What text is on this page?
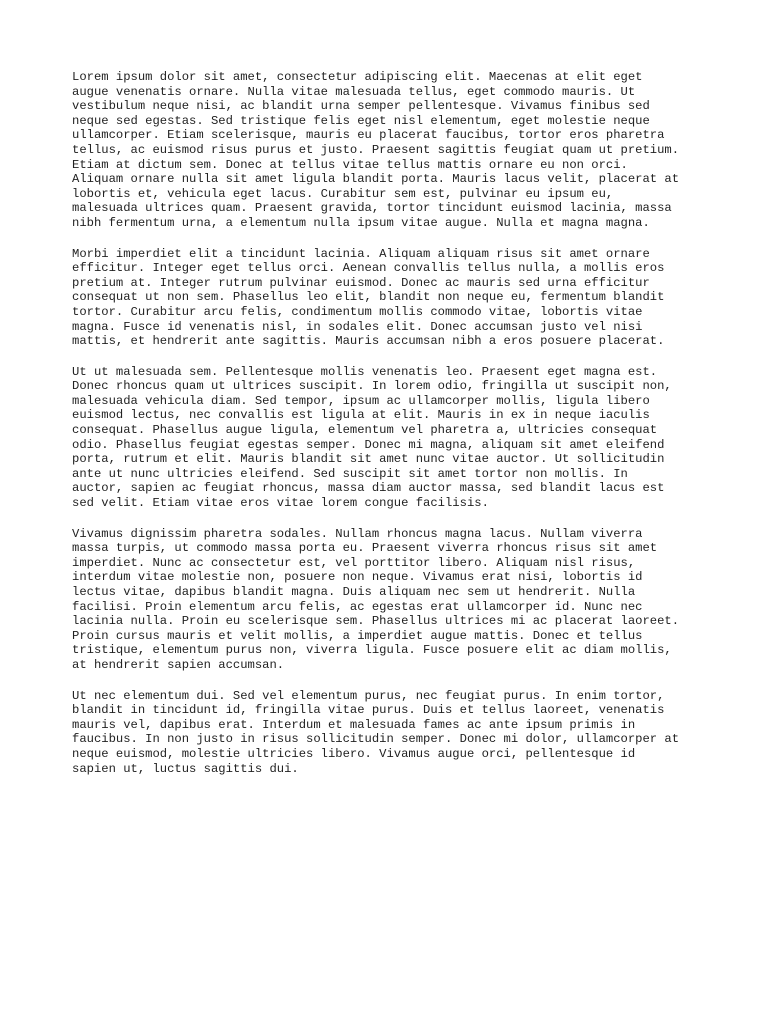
Lorem ipsum dolor sit amet, consectetur adipiscing elit. Maecenas at elit eget
augue venenatis ornare. Nulla vitae malesuada tellus, eget commodo mauris. Ut
vestibulum neque nisi, ac blandit urna semper pellentesque. Vivamus finibus sed
neque sed egestas. Sed tristique felis eget nisl elementum, eget molestie neque
ullamcorper. Etiam scelerisque, mauris eu placerat faucibus, tortor eros pharetra
tellus, ac euismod risus purus et justo. Praesent sagittis feugiat quam ut pretium.
Etiam at dictum sem. Donec at tellus vitae tellus mattis ornare eu non orci.
Aliquam ornare nulla sit amet ligula blandit porta. Mauris lacus velit, placerat at
lobortis et, vehicula eget lacus. Curabitur sem est, pulvinar eu ipsum eu,
malesuada ultrices quam. Praesent gravida, tortor tincidunt euismod lacinia, massa
nibh fermentum urna, a elementum nulla ipsum vitae augue. Nulla et magna magna.
Morbi imperdiet elit a tincidunt lacinia. Aliquam aliquam risus sit amet ornare
efficitur. Integer eget tellus orci. Aenean convallis tellus nulla, a mollis eros
pretium at. Integer rutrum pulvinar euismod. Donec ac mauris sed urna efficitur
consequat ut non sem. Phasellus leo elit, blandit non neque eu, fermentum blandit
tortor. Curabitur arcu felis, condimentum mollis commodo vitae, lobortis vitae
magna. Fusce id venenatis nisl, in sodales elit. Donec accumsan justo vel nisi
mattis, et hendrerit ante sagittis. Mauris accumsan nibh a eros posuere placerat.
Ut ut malesuada sem. Pellentesque mollis venenatis leo. Praesent eget magna est.
Donec rhoncus quam ut ultrices suscipit. In lorem odio, fringilla ut suscipit non,
malesuada vehicula diam. Sed tempor, ipsum ac ullamcorper mollis, ligula libero
euismod lectus, nec convallis est ligula at elit. Mauris in ex in neque iaculis
consequat. Phasellus augue ligula, elementum vel pharetra a, ultricies consequat
odio. Phasellus feugiat egestas semper. Donec mi magna, aliquam sit amet eleifend
porta, rutrum et elit. Mauris blandit sit amet nunc vitae auctor. Ut sollicitudin
ante ut nunc ultricies eleifend. Sed suscipit sit amet tortor non mollis. In
auctor, sapien ac feugiat rhoncus, massa diam auctor massa, sed blandit lacus est
sed velit. Etiam vitae eros vitae lorem congue facilisis.
Vivamus dignissim pharetra sodales. Nullam rhoncus magna lacus. Nullam viverra
massa turpis, ut commodo massa porta eu. Praesent viverra rhoncus risus sit amet
imperdiet. Nunc ac consectetur est, vel porttitor libero. Aliquam nisl risus,
interdum vitae molestie non, posuere non neque. Vivamus erat nisi, lobortis id
lectus vitae, dapibus blandit magna. Duis aliquam nec sem ut hendrerit. Nulla
facilisi. Proin elementum arcu felis, ac egestas erat ullamcorper id. Nunc nec
lacinia nulla. Proin eu scelerisque sem. Phasellus ultrices mi ac placerat laoreet.
Proin cursus mauris et velit mollis, a imperdiet augue mattis. Donec et tellus
tristique, elementum purus non, viverra ligula. Fusce posuere elit ac diam mollis,
at hendrerit sapien accumsan.
Ut nec elementum dui. Sed vel elementum purus, nec feugiat purus. In enim tortor,
blandit in tincidunt id, fringilla vitae purus. Duis et tellus laoreet, venenatis
mauris vel, dapibus erat. Interdum et malesuada fames ac ante ipsum primis in
faucibus. In non justo in risus sollicitudin semper. Donec mi dolor, ullamcorper at
neque euismod, molestie ultricies libero. Vivamus augue orci, pellentesque id
sapien ut, luctus sagittis dui.
